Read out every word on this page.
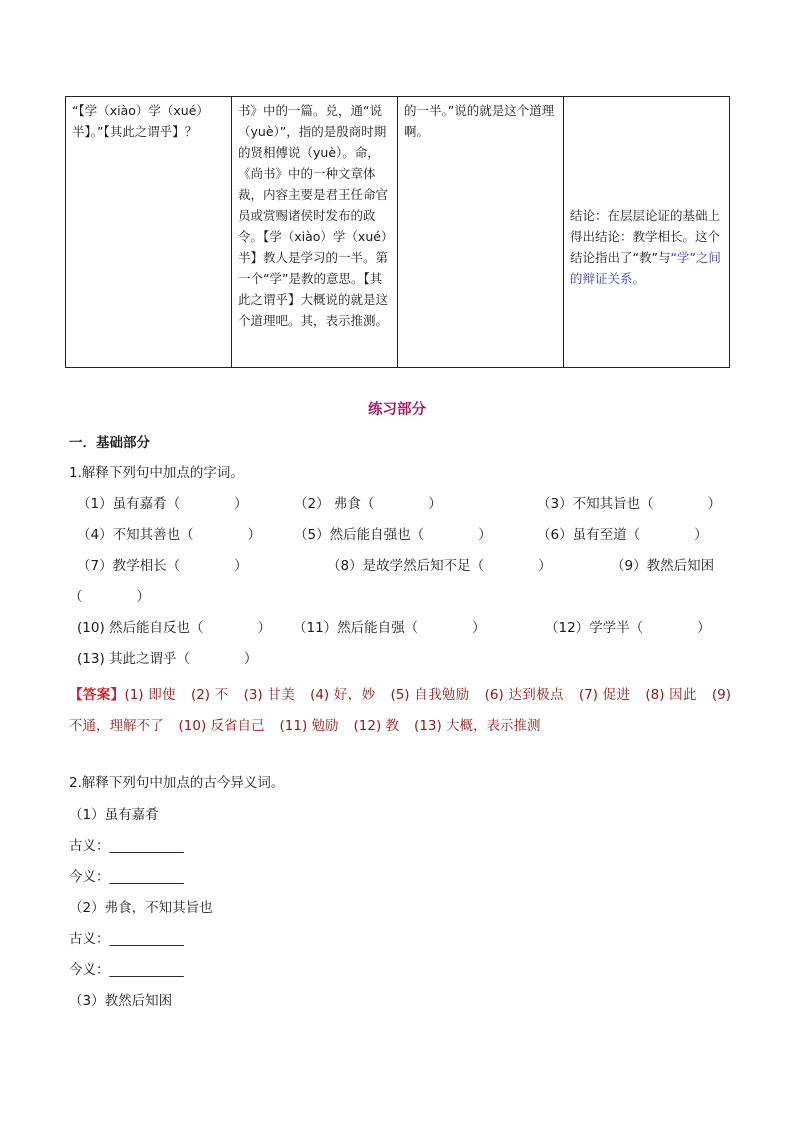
“【学（xiào）学（xué）半】。”【其此之谓乎】？	书》中的一篇。兑，通“说（yuè）”，指的是殷商时期的贤相傅说（yuè）。命，《尚书》中的一种文章体裁，内容主要是君王任命官员或赏赐诸侯时发布的政令。【学（xiào）学（xué）半】教人是学习的一半。第一个“学”是教的意思。【其此之谓乎】大概说的就是这个道理吧。其，表示推测。	的一半。”说的就是这个道理啊。	结论：在层层论证的基础上得出结论：教学相长。这个结论指出了“教”与“学”之间的辩证关系。
练习部分
一．基础部分
1.解释下列句中加点的字词。
（1）虽有嘉肴（　　　　）	（2） 弗食（　　　　）	（3）不知其旨也（　　　　）
（4）不知其善也（　　　　） （5）然后能自强也（　　　　）	（6）虽有至道（　　　　）
（7）教学相长（　　　　）	（8）是故学然后知不足（　　　　）	（9）教然后知困
（　　　　）
(10) 然后能自反也（　　　　） （11）然后能自强（　　　　）	（12）学学半（　　　　）
(13) 其此之谓乎（　　　　）
【答案】(1) 即使 (2) 不 (3) 甘美 (4) 好，妙 (5) 自我勉励 (6) 达到极点 (7) 促进 (8) 因此 (9) 不通，理解不了 (10) 反省自己 (11) 勉励 (12) 教 (13) 大概，表示推测
2.解释下列句中加点的古今异义词。
（1）虽有嘉肴
古义：___________
今义：___________
（2）弗食，不知其旨也
古义：___________
今义：___________
（3）教然后知困
